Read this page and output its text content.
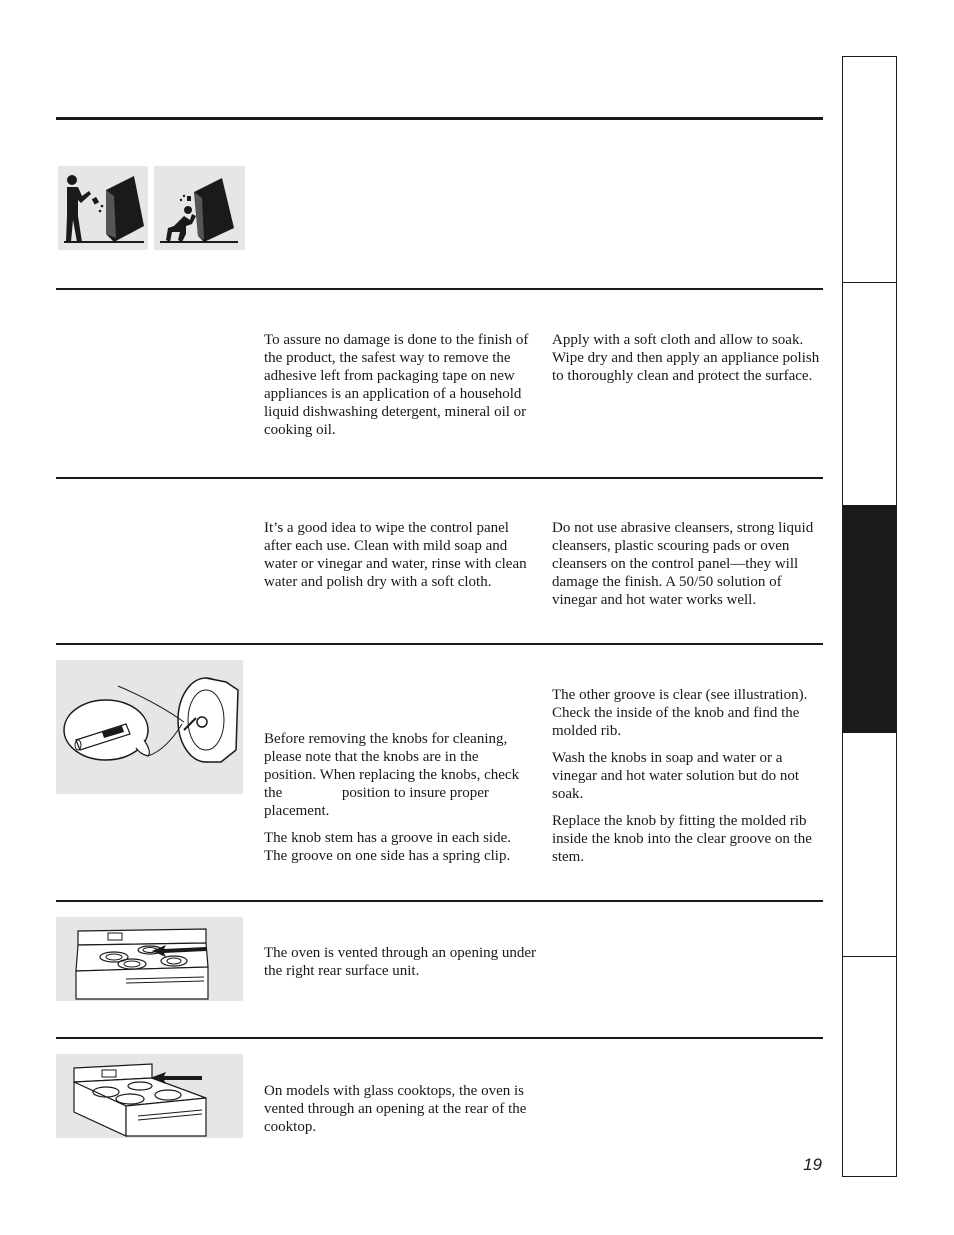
To assure no damage is done to the finish of the product, the safest way to remove the adhesive left from packaging tape on new appliances is an application of a household liquid dishwashing detergent, mineral oil or cooking oil.

Apply with a soft cloth and allow to soak. Wipe dry and then apply an appliance polish to thoroughly clean and protect the surface.

It’s a good idea to wipe the control panel after each use. Clean with mild soap and water or vinegar and water, rinse with clean water and polish dry with a soft cloth.

Do not use abrasive cleansers, strong liquid cleansers, plastic scouring pads or oven cleansers on the control panel—they will damage the finish. A 50/50 solution of vinegar and hot water works well.

Before removing the knobs for cleaning, please note that the knobs are in the  position. When replacing the knobs, check the	position to insure proper placement.

The knob stem has a groove in each side. The groove on one side has a spring clip.

The other groove is clear (see illustration). Check the inside of the knob and find the molded rib.

Wash the knobs in soap and water or a vinegar and hot water solution but do not soak.

Replace the knob by fitting the molded rib inside the knob into the clear groove on the stem.

The oven is vented through an opening under the right rear surface unit.

On models with glass cooktops, the oven is vented through an opening at the rear of the cooktop.

19
